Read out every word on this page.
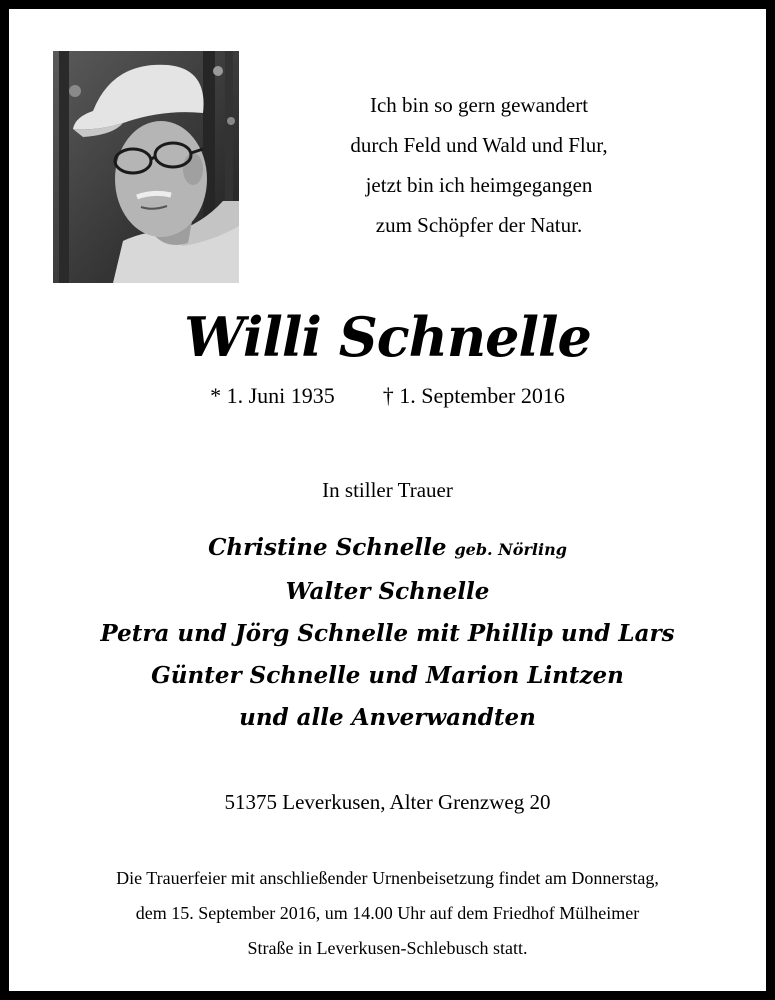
Ich bin so gern gewandert
durch Feld und Wald und Flur,
jetzt bin ich heimgegangen
zum Schöpfer der Natur.
Willi Schnelle
* 1. Juni 1935 † 1. September 2016
In stiller Trauer
Christine Schnelle geb. Nörling
Walter Schnelle
Petra und Jörg Schnelle mit Phillip und Lars
Günter Schnelle und Marion Lintzen
und alle Anverwandten
51375 Leverkusen, Alter Grenzweg 20
Die Trauerfeier mit anschließender Urnenbeisetzung findet am Donnerstag,
dem 15. September 2016, um 14.00 Uhr auf dem Friedhof Mülheimer
Straße in Leverkusen-Schlebusch statt.
